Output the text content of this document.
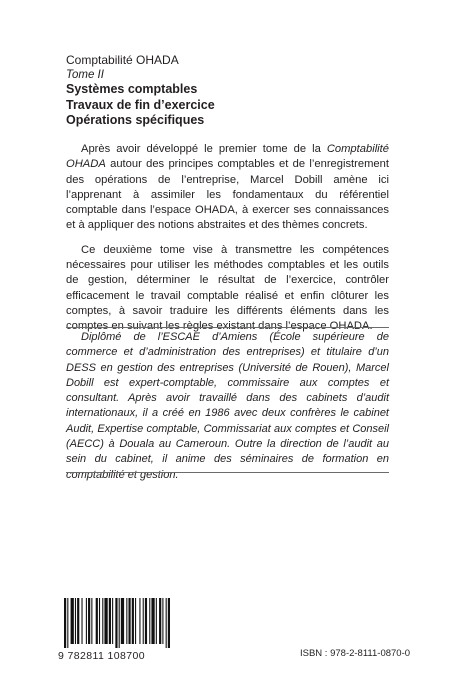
Comptabilité OHADA
Tome II
Systèmes comptables
Travaux de fin d’exercice
Opérations spécifiques

Après avoir développé le premier tome de la Comptabilité OHADA autour des principes comptables et de l’enregistrement des opérations de l’entreprise, Marcel Dobill amène ici l’apprenant à assimiler les fondamentaux du référentiel comptable dans l’espace OHADA, à exercer ses connaissances et à appliquer des notions abstraites et des thèmes concrets.

Ce deuxième tome vise à transmettre les compétences nécessaires pour utiliser les méthodes comptables et les outils de gestion, déterminer le résultat de l’exercice, contrôler efficacement le travail comptable réalisé et enfin clôturer les comptes, à savoir traduire les différents éléments dans les comptes en suivant les règles existant dans l’espace OHADA.

Diplômé de l’ESCAE d’Amiens (École supérieure de commerce et d’administration des entreprises) et titulaire d’un DESS en gestion des entreprises (Université de Rouen), Marcel Dobill est expert-comptable, commissaire aux comptes et consultant. Après avoir travaillé dans des cabinets d’audit internationaux, il a créé en 1986 avec deux confrères le cabinet Audit, Expertise comptable, Commissariat aux comptes et Conseil (AECC) à Douala au Cameroun. Outre la direction de l’audit au sein du cabinet, il anime des séminaires de formation en comptabilité et gestion.

9 782811 108700	ISBN : 978-2-8111-0870-0
